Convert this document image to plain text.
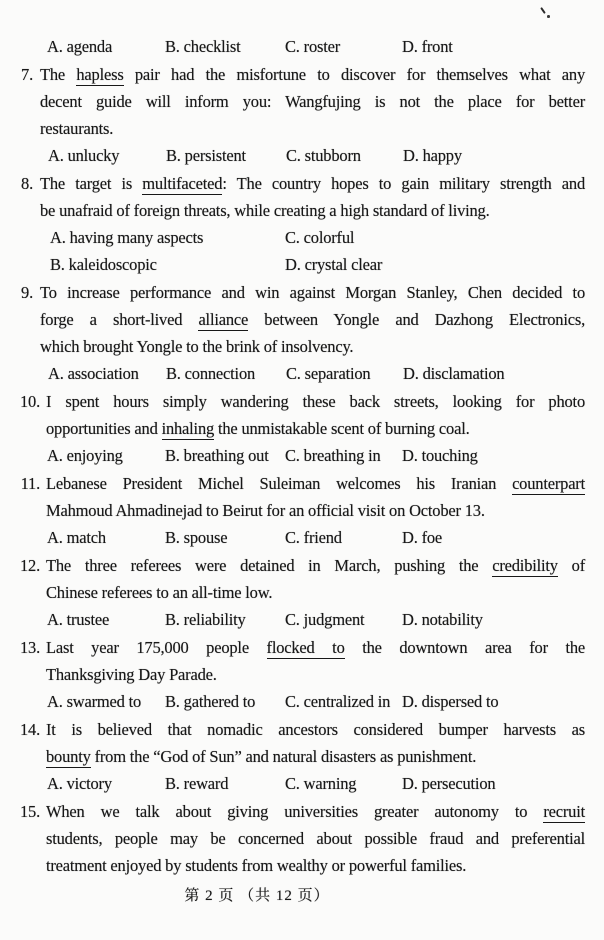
A. agenda	B. checklist	C. roster	D. front
7. The hapless pair had the misfortune to discover for themselves what any
decent guide will inform you: Wangfujing is not the place for better
restaurants.
A. unlucky	B. persistent	C. stubborn	D. happy
8. The target is multifaceted: The country hopes to gain military strength and
be unafraid of foreign threats, while creating a high standard of living.
A. having many aspects	C. colorful
B. kaleidoscopic	D. crystal clear
9. To increase performance and win against Morgan Stanley, Chen decided to
forge a short-lived alliance between Yongle and Dazhong Electronics,
which brought Yongle to the brink of insolvency.
A. association	B. connection	C. separation	D. disclamation
10. I spent hours simply wandering these back streets, looking for photo
opportunities and inhaling the unmistakable scent of burning coal.
A. enjoying	B. breathing out C. breathing in	D. touching
11. Lebanese President Michel Suleiman welcomes his Iranian counterpart
Mahmoud Ahmadinejad to Beirut for an official visit on October 13.
A. match	B. spouse	C. friend	D. foe
12. The three referees were detained in March, pushing the credibility of
Chinese referees to an all-time low.
A. trustee	B. reliability	C. judgment	D. notability
13. Last year 175,000 people flocked to the downtown area for the
Thanksgiving Day Parade.
A. swarmed to	B. gathered to	C. centralized in D. dispersed to
14. It is believed that nomadic ancestors considered bumper harvests as
bounty from the “God of Sun” and natural disasters as punishment.
A. victory	B. reward	C. warning	D. persecution
15. When we talk about giving universities greater autonomy to recruit
students, people may be concerned about possible fraud and preferential
treatment enjoyed by students from wealthy or powerful families.
第 2 页 （共 12 页）
